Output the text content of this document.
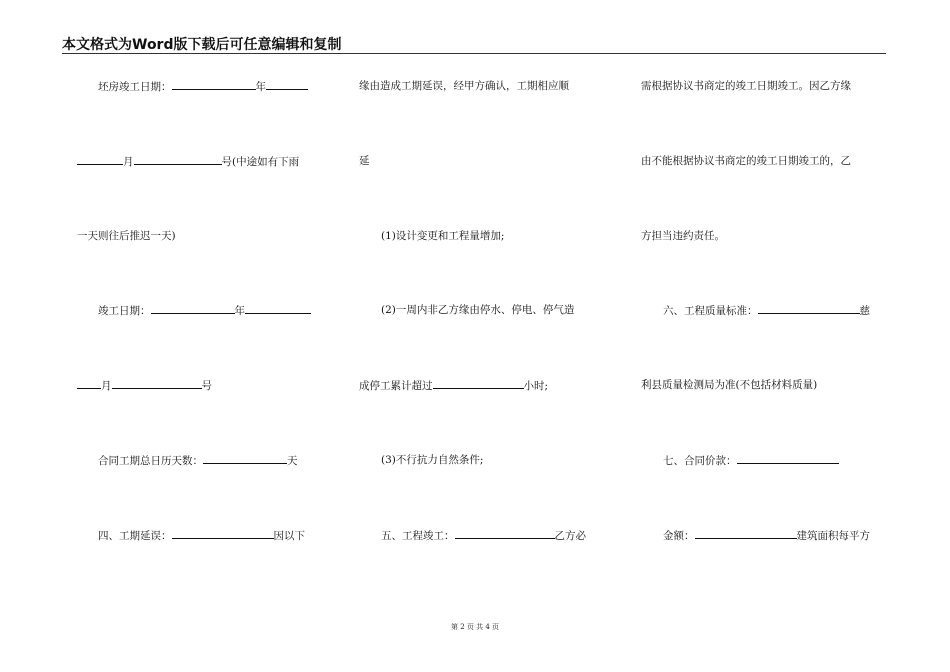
本文格式为Word版下载后可任意编辑和复制
坯房竣工日期：	年
月	号(中途如有下雨
一天则往后推迟一天)
竣工日期：	年
月	号
合同工期总日历天数：	天
四、工期延误：	因以下
缘由造成工期延误，经甲方确认，工期相应顺
延
(1)设计变更和工程量增加;
(2)一周内非乙方缘由停水、停电、停气造
成停工累计超过	小时;
(3)不行抗力自然条件;
五、工程竣工：	乙方必
需根据协议书商定的竣工日期竣工。因乙方缘
由不能根据协议书商定的竣工日期竣工的，乙
方担当违约责任。
六、工程质量标准：	慈
利县质量检测局为准(不包括材料质量)
七、合同价款：
金额：	建筑面积每平方
第 2 页 共 4 页
